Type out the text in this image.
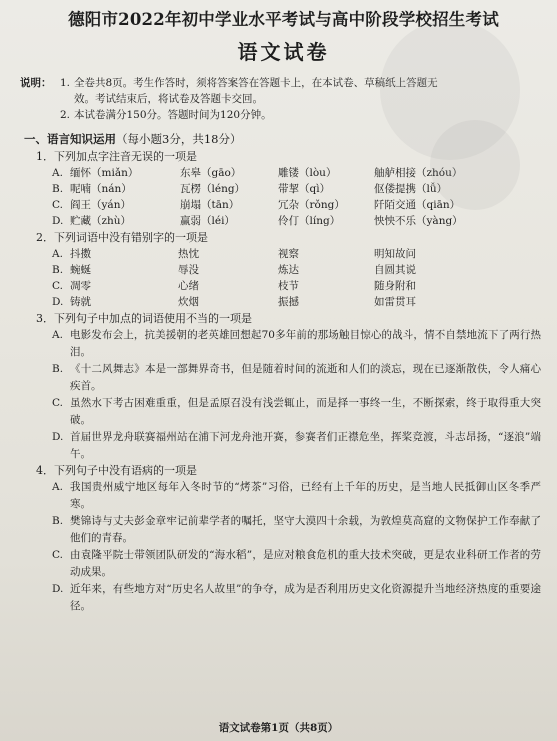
德阳市2022年初中学业水平考试与高中阶段学校招生考试
语文试卷
说明： 1. 全卷共8页。考生作答时，须将答案答在答题卡上，在本试卷、草稿纸上答题无
效。考试结束后，将试卷及答题卡交回。
2. 本试卷满分150分。答题时间为120分钟。
一、语言知识运用（每小题3分，共18分）
1．下列加点字注音无误的一项是
A. 缅怀（miǎn）	东皋（gāo）	雕镂（lòu）	舳舻相接（zhóu）
B. 呢喃（nán）	瓦楞（léng）	带挈（qì）	伛偻提携（lǚ）
C. 阎王（yán）	崩塌（tān）	冗杂（rǒng）	阡陌交通（qiān）
D. 贮藏（zhù）	赢弱（léi）	伶仃（líng）	怏怏不乐（yàng）
2．下列词语中没有错别字的一项是
A. 抖擞	热忱	视察	明知故问
B. 蜿蜒	辱没	炼达	自圆其说
C. 凋零	心绪	枝节	随身附和
D. 铸就	炊烟	振撼	如雷贯耳
3．下列句子中加点的词语使用不当的一项是
A. 电影发布会上，抗美援朝的老英雄回想起70多年前的那场触目惊心的战斗，情不自禁地流下了两行热泪。
B. 《十二风舞志》本是一部舞界奇书，但是随着时间的流逝和人们的淡忘，现在已逐渐散佚，令人痛心疾首。
C. 虽然水下考古困难重重，但是孟原召没有浅尝辄止，而是择一事终一生，不断探索，终于取得重大突破。
D. 首届世界龙舟联赛福州站在浦下河龙舟池开赛，参赛者们正襟危坐，挥桨竞渡，斗志昂扬，“逐浪”端午。
4．下列句子中没有语病的一项是
A. 我国贵州威宁地区每年入冬时节的“烤茶”习俗，已经有上千年的历史，是当地人民抵御山区冬季严寒。
B. 樊锦诗与丈夫彭金章牢记前辈学者的嘱托，坚守大漠四十余载，为敦煌莫高窟的文物保护工作奉献了他们的青春。
C. 由袁隆平院士带领团队研发的“海水稻”，是应对粮食危机的重大技术突破，更是农业科研工作者的劳动成果。
D. 近年来，有些地方对“历史名人故里”的争夺，成为是否利用历史文化资源提升当地经济热度的重要途径。
语文试卷第1页（共8页）
